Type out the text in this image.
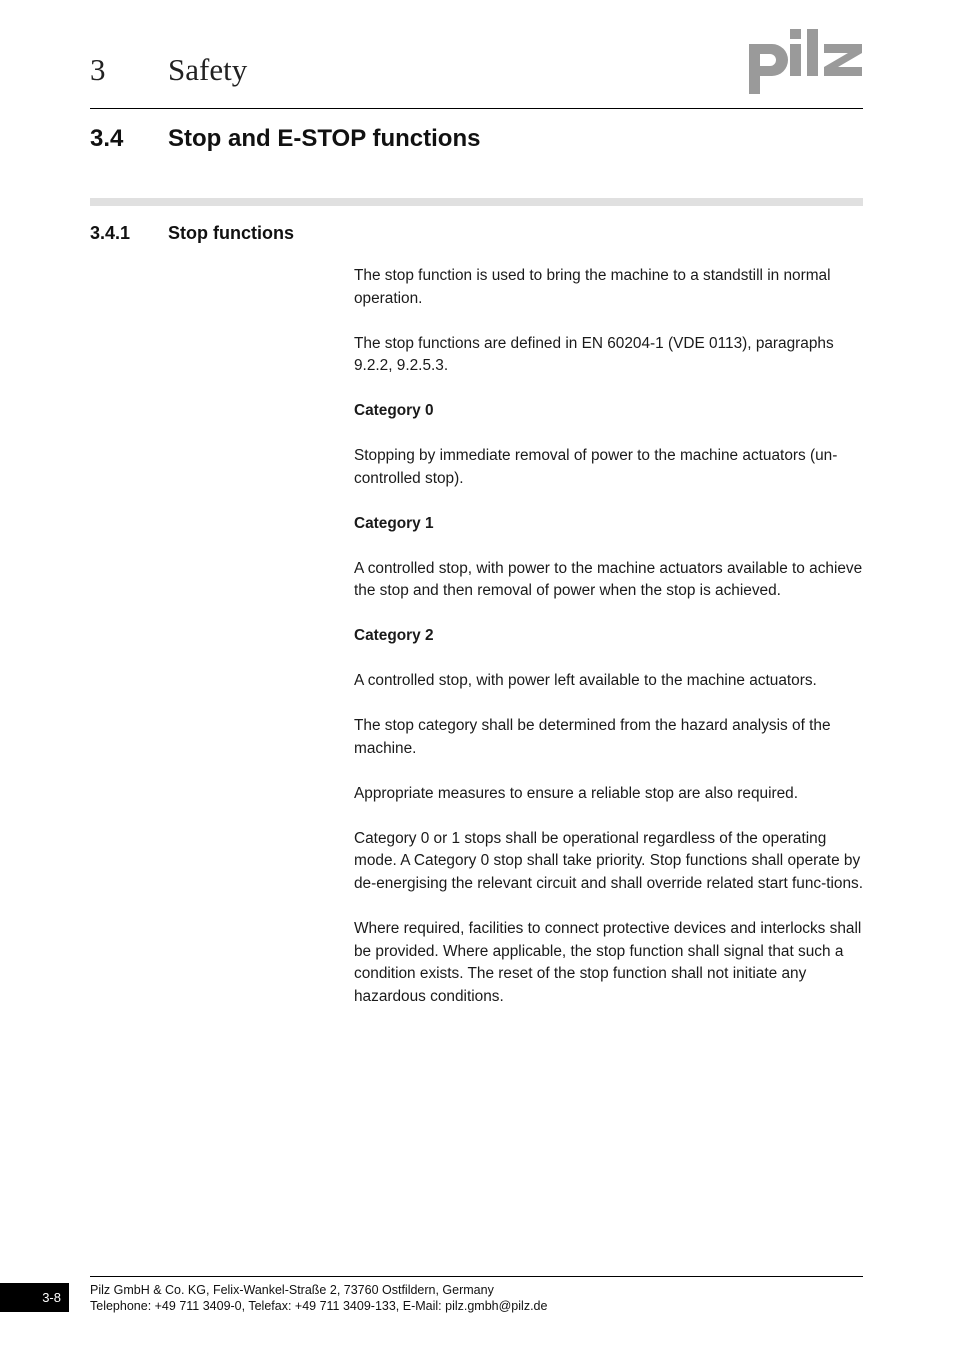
3 Safety
3.4 Stop and E-STOP functions
3.4.1 Stop functions

The stop function is used to bring the machine to a standstill in normal operation.

The stop functions are defined in EN 60204-1 (VDE 0113), paragraphs 9.2.2, 9.2.5.3.

Category 0

Stopping by immediate removal of power to the machine actuators (un-controlled stop).

Category 1

A controlled stop, with power to the machine actuators available to achieve the stop and then removal of power when the stop is achieved.

Category 2

A controlled stop, with power left available to the machine actuators.

The stop category shall be determined from the hazard analysis of the machine.

Appropriate measures to ensure a reliable stop are also required.

Category 0 or 1 stops shall be operational regardless of the operating mode. A Category 0 stop shall take priority. Stop functions shall operate by de-energising the relevant circuit and shall override related start func-tions.

Where required, facilities to connect protective devices and interlocks shall be provided. Where applicable, the stop function shall signal that such a condition exists. The reset of the stop function shall not initiate any hazardous conditions.

3-8	Pilz GmbH & Co. KG, Felix-Wankel-Straße 2, 73760 Ostfildern, Germany
Telephone: +49 711 3409-0, Telefax: +49 711 3409-133, E-Mail: pilz.gmbh@pilz.de
